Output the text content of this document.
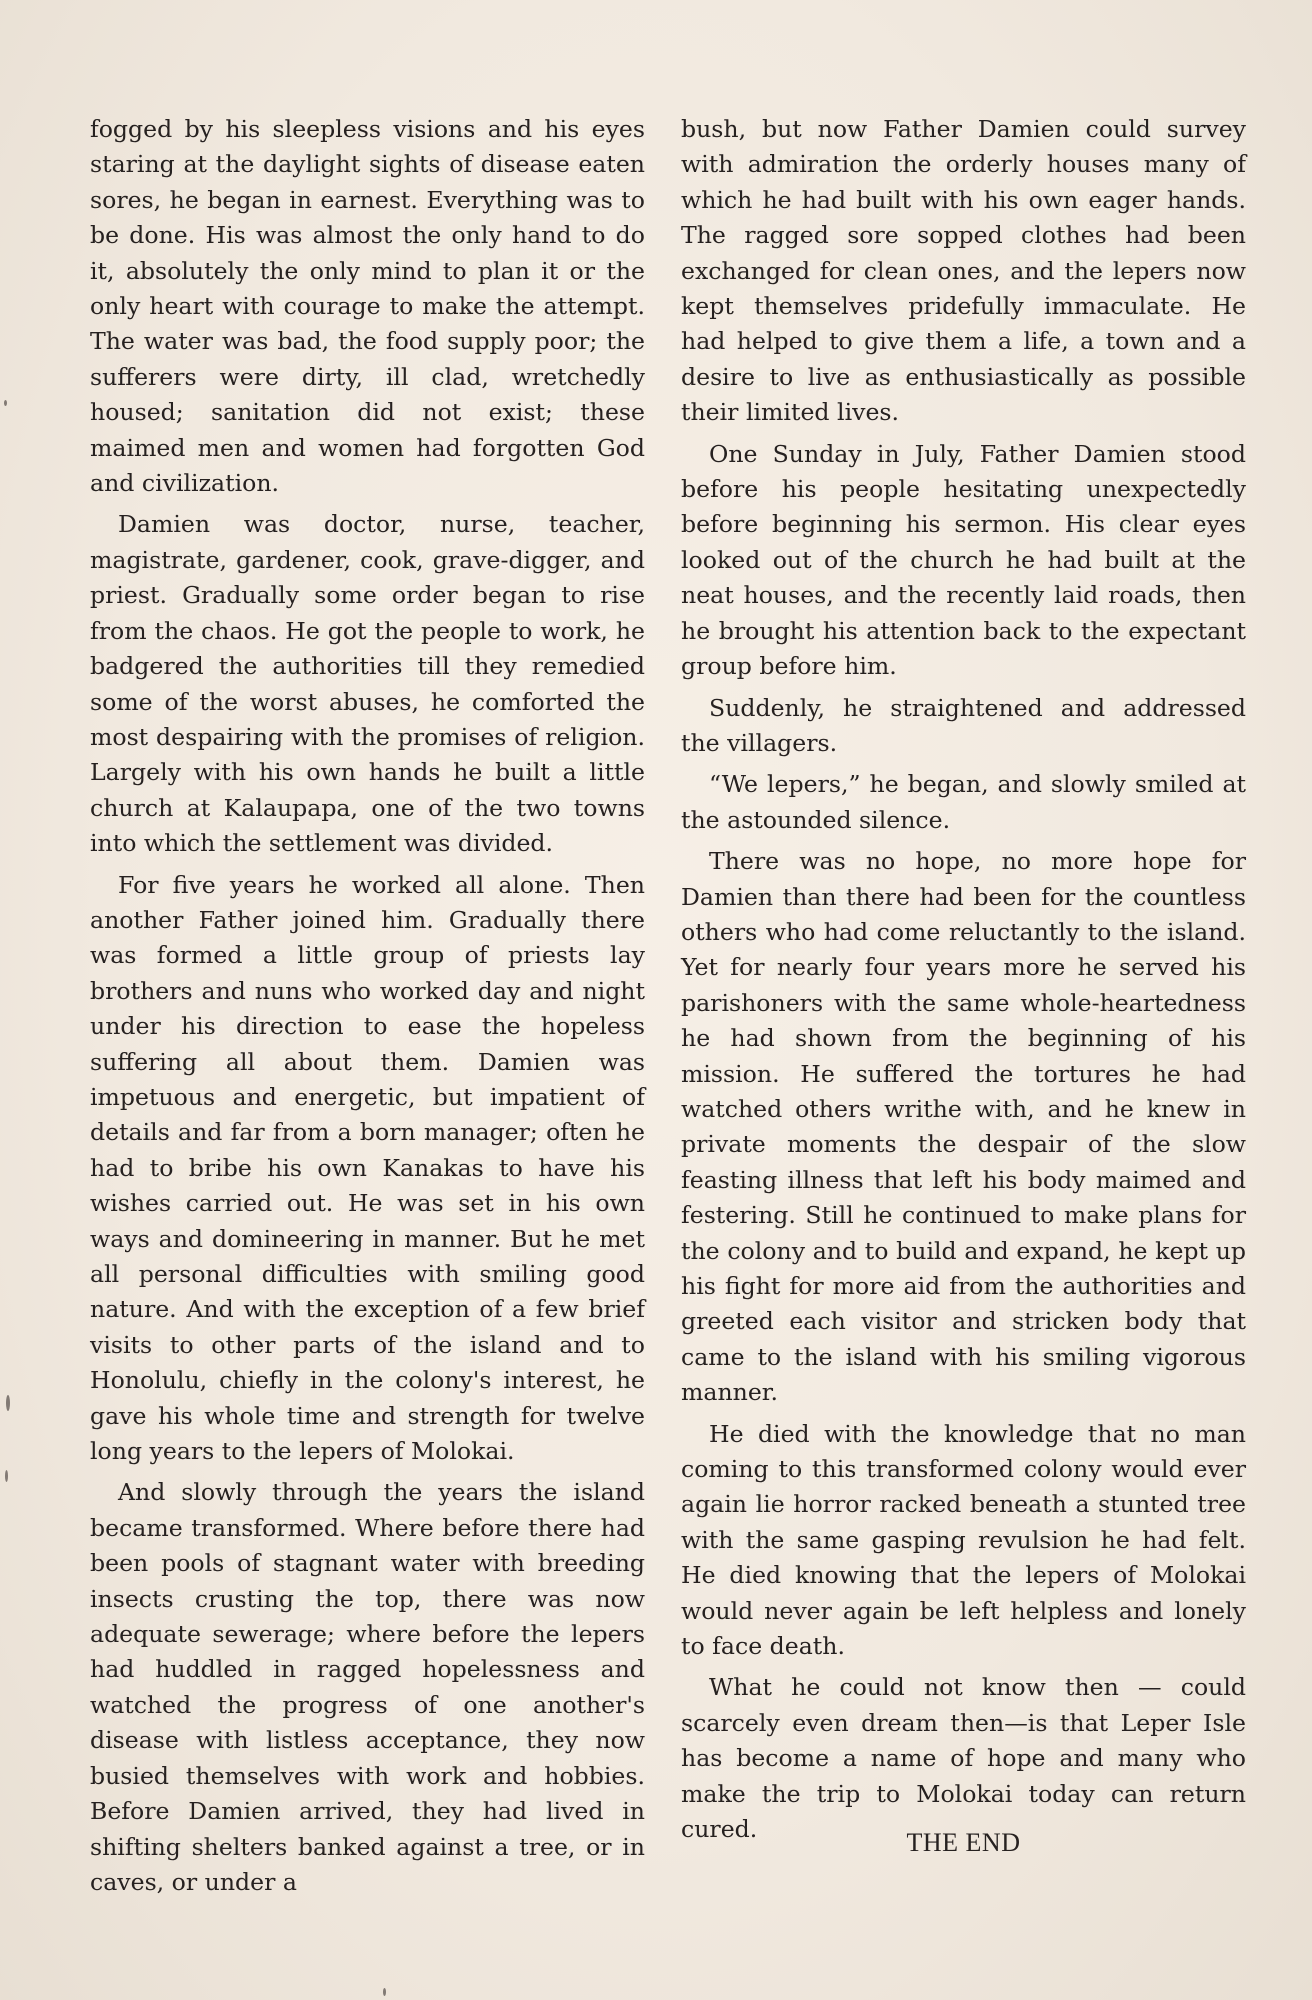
fogged by his sleepless visions and his eyes staring at the daylight sights of disease eaten sores, he began in earnest. Everything was to be done. His was almost the only hand to do it, absolutely the only mind to plan it or the only heart with courage to make the attempt. The water was bad, the food supply poor; the sufferers were dirty, ill clad, wretchedly housed; sanitation did not exist; these maimed men and women had forgotten God and civilization.

Damien was doctor, nurse, teacher, magistrate, gardener, cook, grave-digger, and priest. Gradually some order began to rise from the chaos. He got the people to work, he badgered the authorities till they remedied some of the worst abuses, he comforted the most despairing with the promises of religion. Largely with his own hands he built a little church at Kalaupapa, one of the two towns into which the settlement was divided.

For five years he worked all alone. Then another Father joined him. Gradually there was formed a little group of priests lay brothers and nuns who worked day and night under his direction to ease the hopeless suffering all about them. Damien was impetuous and energetic, but impatient of details and far from a born manager; often he had to bribe his own Kanakas to have his wishes carried out. He was set in his own ways and domineering in manner. But he met all personal difficulties with smiling good nature. And with the exception of a few brief visits to other parts of the island and to Honolulu, chiefly in the colony's interest, he gave his whole time and strength for twelve long years to the lepers of Molokai.

And slowly through the years the island became transformed. Where before there had been pools of stagnant water with breeding insects crusting the top, there was now adequate sewerage; where before the lepers had huddled in ragged hopelessness and watched the progress of one another's disease with listless acceptance, they now busied themselves with work and hobbies. Before Damien arrived, they had lived in shifting shelters banked against a tree, or in caves, or under a

bush, but now Father Damien could survey with admiration the orderly houses many of which he had built with his own eager hands. The ragged sore sopped clothes had been exchanged for clean ones, and the lepers now kept themselves pridefully immaculate. He had helped to give them a life, a town and a desire to live as enthusiastically as possible their limited lives.

One Sunday in July, Father Damien stood before his people hesitating unexpectedly before beginning his sermon. His clear eyes looked out of the church he had built at the neat houses, and the recently laid roads, then he brought his attention back to the expectant group before him.

Suddenly, he straightened and addressed the villagers.

“We lepers,” he began, and slowly smiled at the astounded silence.

There was no hope, no more hope for Damien than there had been for the countless others who had come reluctantly to the island. Yet for nearly four years more he served his parishoners with the same whole-heartedness he had shown from the beginning of his mission. He suffered the tortures he had watched others writhe with, and he knew in private moments the despair of the slow feasting illness that left his body maimed and festering. Still he continued to make plans for the colony and to build and expand, he kept up his fight for more aid from the authorities and greeted each visitor and stricken body that came to the island with his smiling vigorous manner.

He died with the knowledge that no man coming to this transformed colony would ever again lie horror racked beneath a stunted tree with the same gasping revulsion he had felt. He died knowing that the lepers of Molokai would never again be left helpless and lonely to face death.

What he could not know then — could scarcely even dream then—is that Leper Isle has become a name of hope and many who make the trip to Molokai today can return cured.	THE END
